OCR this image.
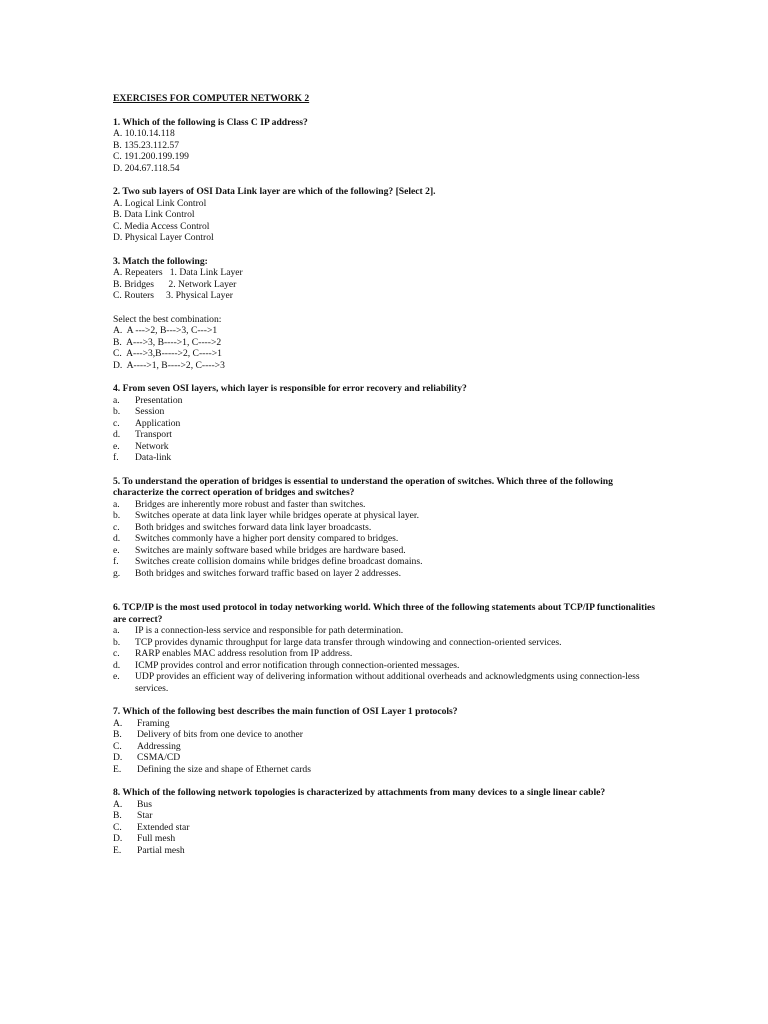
EXERCISES FOR COMPUTER NETWORK 2
1. Which of the following is Class C IP address?
A. 10.10.14.118
B. 135.23.112.57
C. 191.200.199.199
D. 204.67.118.54
2. Two sub layers of OSI Data Link layer are which of the following? [Select 2].
A. Logical Link Control
B. Data Link Control
C. Media Access Control
D. Physical Layer Control
3. Match the following:
A. Repeaters   1. Data Link Layer
B. Bridges      2. Network Layer
C. Routers     3. Physical Layer
Select the best combination:
A.  A --->2, B--->3, C--->1
B.  A--->3, B---->1, C---->2
C.  A--->3,B----->2, C---->1
D.  A---->1, B---->2, C---->3
4. From seven OSI layers, which layer is responsible for error recovery and reliability?
a.	Presentation
b.	Session
c.	Application
d.	Transport
e.	Network
f.	Data-link
5. To understand the operation of bridges is essential to understand the operation of switches. Which three of the following characterize the correct operation of bridges and switches?
a.	Bridges are inherently more robust and faster than switches.
b.	Switches operate at data link layer while bridges operate at physical layer.
c.	Both bridges and switches forward data link layer broadcasts.
d.	Switches commonly have a higher port density compared to bridges.
e.	Switches are mainly software based while bridges are hardware based.
f.	Switches create collision domains while bridges define broadcast domains.
g.	Both bridges and switches forward traffic based on layer 2 addresses.
6. TCP/IP is the most used protocol in today networking world. Which three of the following statements about TCP/IP functionalities are correct?
a.	IP is a connection-less service and responsible for path determination.
b.	TCP provides dynamic throughput for large data transfer through windowing and connection-oriented services.
c.	RARP enables MAC address resolution from IP address.
d.	ICMP provides control and error notification through connection-oriented messages.
e.	UDP provides an efficient way of delivering information without additional overheads and acknowledgments using connection-less services.
7. Which of the following best describes the main function of OSI Layer 1 protocols?
A.	Framing
B.	Delivery of bits from one device to another
C.	Addressing
D.	CSMA/CD
E.	Defining the size and shape of Ethernet cards
8. Which of the following network topologies is characterized by attachments from many devices to a single linear cable?
A.	Bus
B.	Star
C.	Extended star
D.	Full mesh
E.	Partial mesh
